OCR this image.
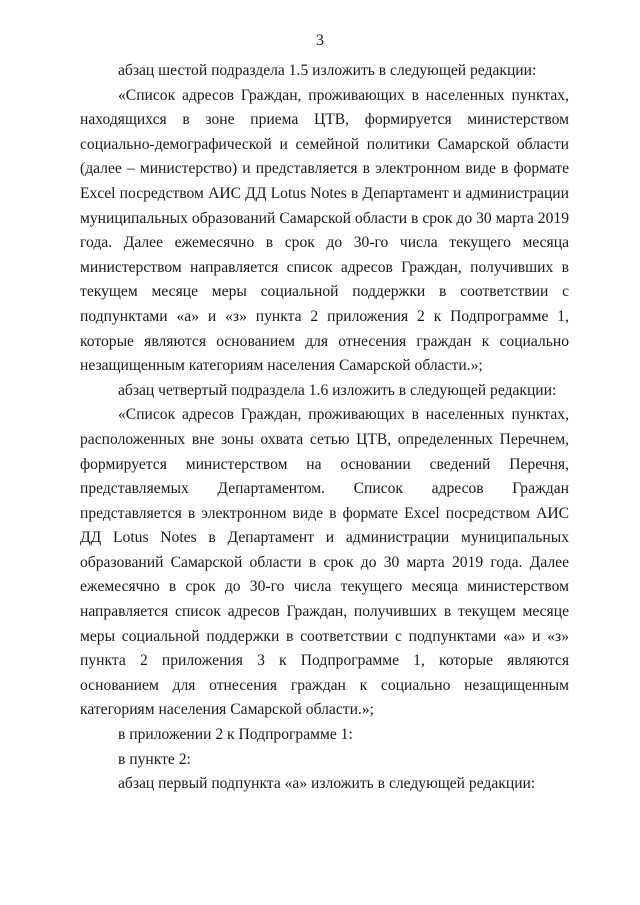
3

абзац шестой подраздела 1.5 изложить в следующей редакции:

«Список адресов Граждан, проживающих в населенных пунктах, находящихся в зоне приема ЦТВ, формируется министерством социально-демографической и семейной политики Самарской области (далее – министерство) и представляется в электронном виде в формате Excel посредством АИС ДД Lotus Notes в Департамент и администрации муниципальных образований Самарской области в срок до 30 марта 2019 года. Далее ежемесячно в срок до 30-го числа текущего месяца министерством направляется список адресов Граждан, получивших в текущем месяце меры социальной поддержки в соответствии с подпунктами «а» и «з» пункта 2 приложения 2 к Подпрограмме 1, которые являются основанием для отнесения граждан к социально незащищенным категориям населения Самарской области.»;

абзац четвертый подраздела 1.6 изложить в следующей редакции:

«Список адресов Граждан, проживающих в населенных пунктах, расположенных вне зоны охвата сетью ЦТВ, определенных Перечнем, формируется министерством на основании сведений Перечня, представляемых Департаментом. Список адресов Граждан представляется в электронном виде в формате Excel посредством АИС ДД Lotus Notes в Департамент и администрации муниципальных образований Самарской области в срок до 30 марта 2019 года. Далее ежемесячно в срок до 30-го числа текущего месяца министерством направляется список адресов Граждан, получивших в текущем месяце меры социальной поддержки в соответствии с подпунктами «а» и «з» пункта 2 приложения 3 к Подпрограмме 1, которые являются основанием для отнесения граждан к социально незащищенным категориям населения Самарской области.»;

в приложении 2 к Подпрограмме 1:

в пункте 2:

абзац первый подпункта «а» изложить в следующей редакции:
